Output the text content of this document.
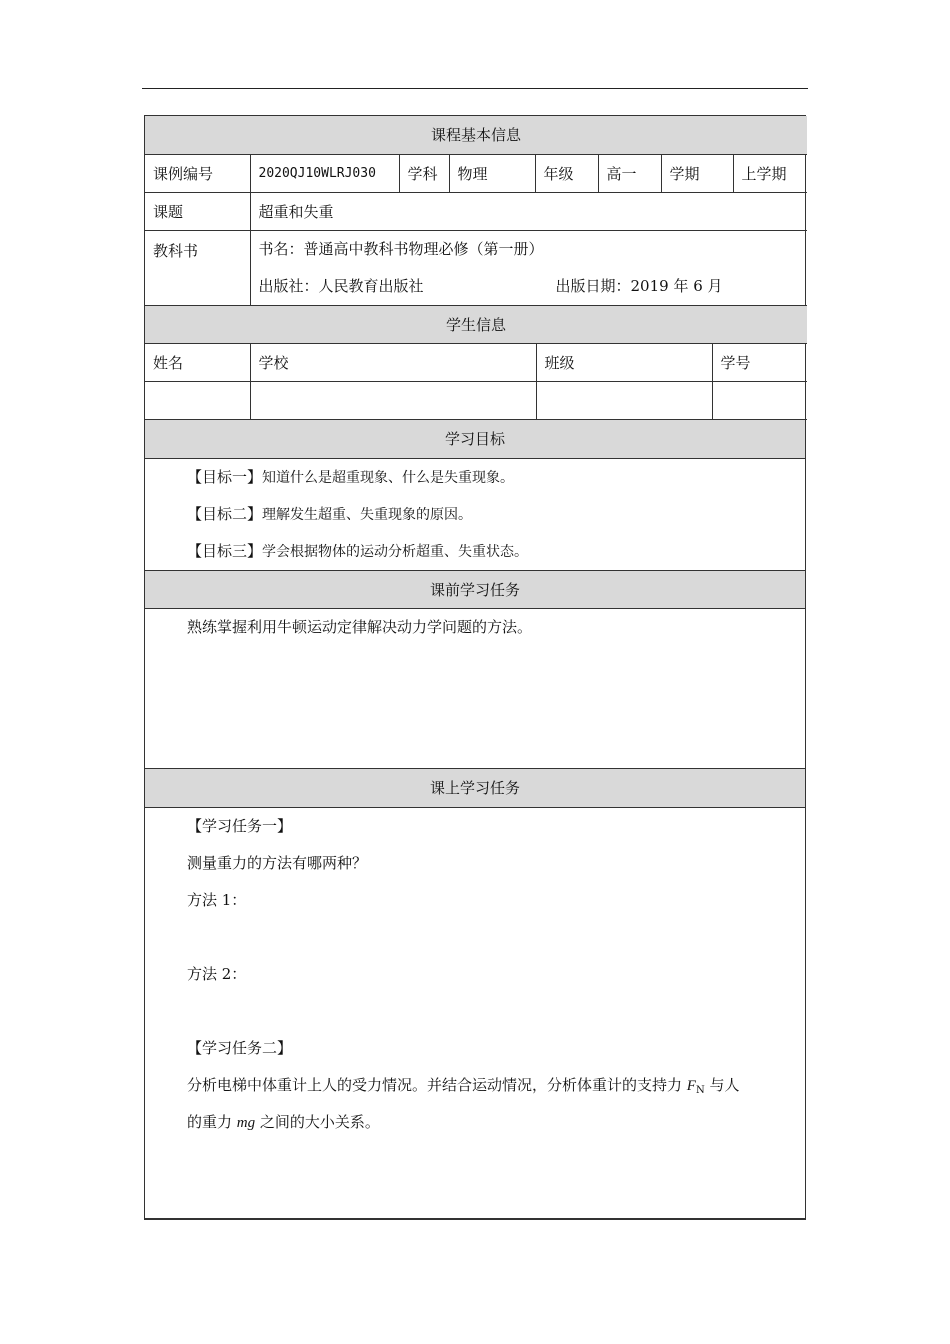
课程基本信息							
课例编号	2020QJ10WLRJ030	学科	物理	年级	高一	学期	上学期
课题	超重和失重						
教科书	书名：普通高中教科书物理必修（第一册）
出版社：人民教育出版社 出版日期：2019 年 6 月						
学生信息			
姓名	学校	班级	学号

学习目标

【目标一】知道什么是超重现象、什么是失重现象。
【目标二】理解发生超重、失重现象的原因。
【目标三】学会根据物体的运动分析超重、失重状态。
课前学习任务

熟练掌握利用牛顿运动定律解决动力学问题的方法。
课上学习任务

【学习任务一】
测量重力的方法有哪两种？
方法 1：
方法 2：
【学习任务二】
分析电梯中体重计上人的受力情况。并结合运动情况，分析体重计的支持力 $F_N$ 与人
的重力 mg 之间的大小关系。
